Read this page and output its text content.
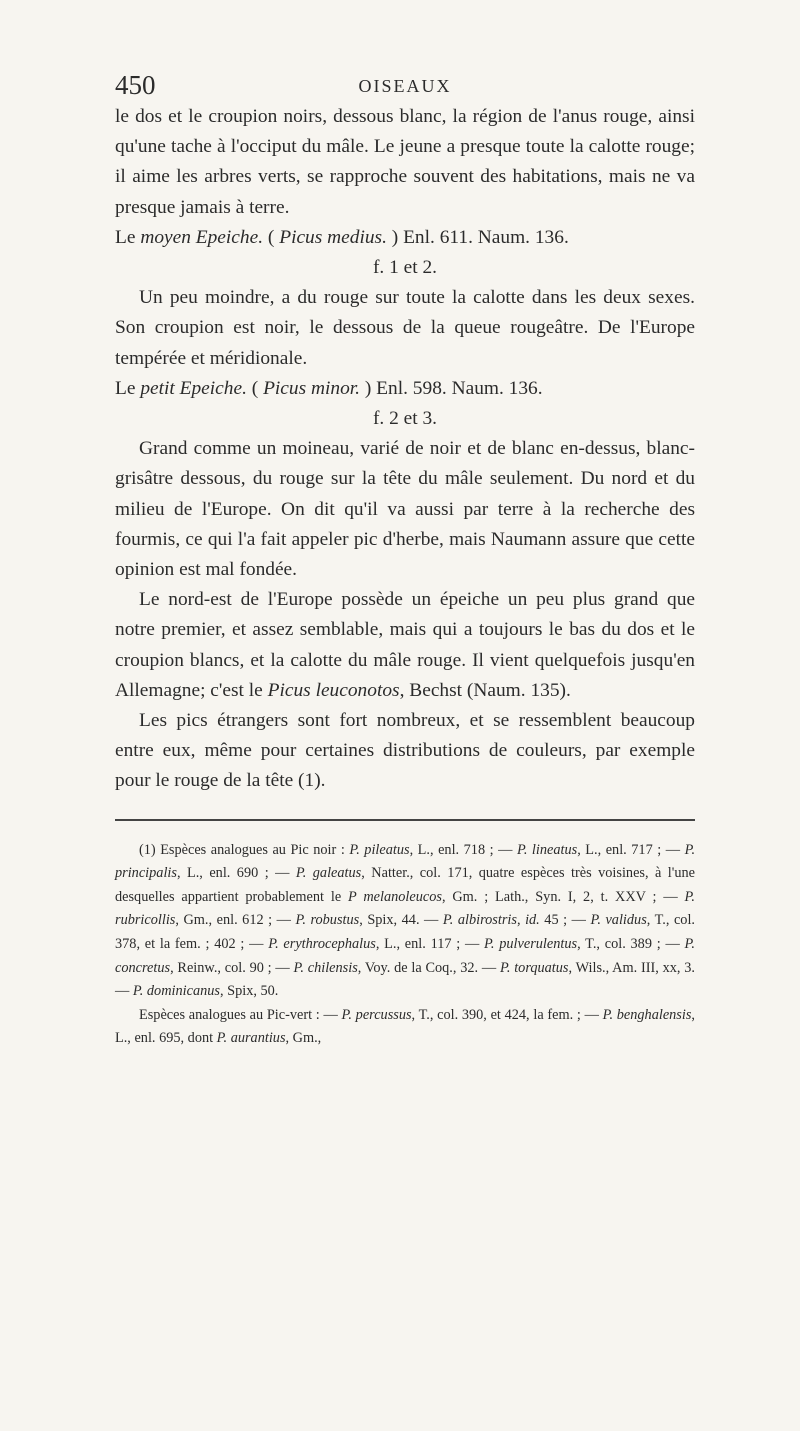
450	OISEAUX

le dos et le croupion noirs, dessous blanc, la région de l'anus rouge, ainsi qu'une tache à l'occiput du mâle. Le jeune a presque toute la calotte rouge; il aime les arbres verts, se rapproche souvent des habitations, mais ne va presque jamais à terre.

Le moyen Epeiche. ( Picus medius. ) Enl. 611. Naum. 136.

f. 1 et 2.

Un peu moindre, a du rouge sur toute la calotte dans les deux sexes. Son croupion est noir, le dessous de la queue rougeâtre. De l'Europe tempérée et méridionale.

Le petit Epeiche. ( Picus minor. ) Enl. 598. Naum. 136.

f. 2 et 3.

Grand comme un moineau, varié de noir et de blanc en-dessus, blanc-grisâtre dessous, du rouge sur la tête du mâle seulement. Du nord et du milieu de l'Europe. On dit qu'il va aussi par terre à la recherche des fourmis, ce qui l'a fait appeler pic d'herbe, mais Naumann assure que cette opinion est mal fondée.

Le nord-est de l'Europe possède un épeiche un peu plus grand que notre premier, et assez semblable, mais qui a toujours le bas du dos et le croupion blancs, et la calotte du mâle rouge. Il vient quelquefois jusqu'en Allemagne; c'est le Picus leuconotos, Bechst (Naum. 135).

Les pics étrangers sont fort nombreux, et se ressemblent beaucoup entre eux, même pour certaines distributions de couleurs, par exemple pour le rouge de la tête (1).

(1) Espèces analogues au Pic noir : P. pileatus, L., enl. 718 ; — P. lineatus, L., enl. 717 ; — P. principalis, L., enl. 690 ; — P. galeatus, Natter., col. 171, quatre espèces très voisines, à l'une desquelles appartient probablement le P melanoleucos, Gm. ; Lath., Syn. I, 2, t. XXV ; — P. rubricollis, Gm., enl. 612 ; — P. robustus, Spix, 44. — P. albirostris, id. 45 ; — P. validus, T., col. 378, et la fem. ; 402 ; — P. erythrocephalus, L., enl. 117 ; — P. pulverulentus, T., col. 389 ; — P. concretus, Reinw., col. 90 ; — P. chilensis, Voy. de la Coq., 32. — P. torquatus, Wils., Am. III, xx, 3. — P. dominicanus, Spix, 50.

Espèces analogues au Pic-vert : — P. percussus, T., col. 390, et 424, la fem. ; — P. benghalensis, L., enl. 695, dont P. aurantius, Gm.,
